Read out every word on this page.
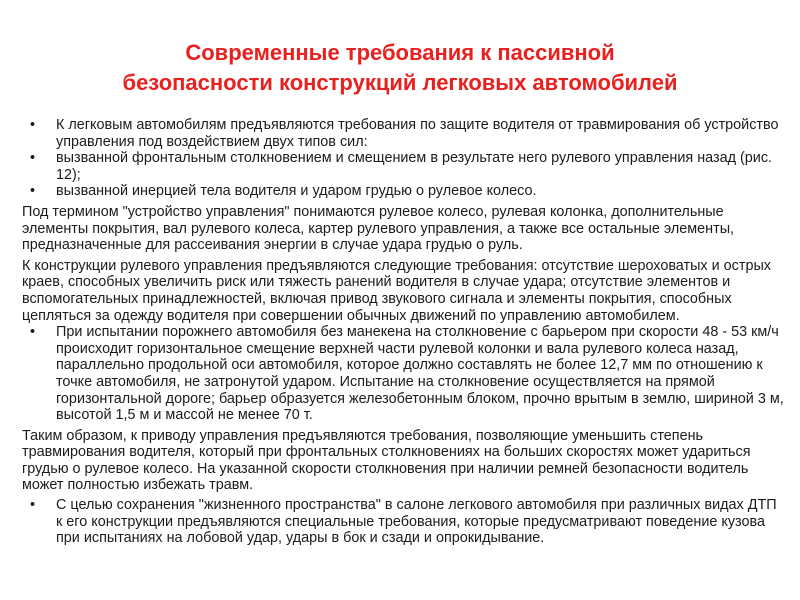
Современные требования к пассивной
безопасности конструкций легковых автомобилей
• К легковым автомобилям предъявляются требования по защите водителя от травмирования об устройство управления под воздействием двух типов сил:
• вызванной фронтальным столкновением и смещением в результате него рулевого управления назад (рис. 12);
• вызванной инерцией тела водителя и ударом грудью о рулевое колесо.
Под термином "устройство управления" понимаются рулевое колесо, рулевая колонка, дополнительные элементы покрытия, вал рулевого колеса, картер рулевого управления, а также все остальные элементы, предназначенные для рассеивания энергии в случае удара грудью о руль.
К конструкции рулевого управления предъявляются следующие требования: отсутствие шероховатых и острых краев, способных увеличить риск или тяжесть ранений водителя в случае удара; отсутствие элементов и вспомогательных принадлежностей, включая привод звукового сигнала и элементы покрытия, способных цепляться за одежду водителя при совершении обычных движений по управлению автомобилем.
• При испытании порожнего автомобиля без манекена на столкновение с барьером при скорости 48 - 53 км/ч происходит горизонтальное смещение верхней части рулевой колонки и вала рулевого колеса назад, параллельно продольной оси автомобиля, которое должно составлять не более 12,7 мм по отношению к точке автомобиля, не затронутой ударом. Испытание на столкновение осуществляется на прямой горизонтальной дороге; барьер образуется железобетонным блоком, прочно врытым в землю, шириной 3 м, высотой 1,5 м и массой не менее 70 т.
Таким образом, к приводу управления предъявляются требования, позволяющие уменьшить степень травмирования водителя, который при фронтальных столкновениях на больших скоростях может удариться грудью о рулевое колесо. На указанной скорости столкновения при наличии ремней безопасности водитель может полностью избежать травм.
• С целью сохранения "жизненного пространства" в салоне легкового автомобиля при различных видах ДТП к его конструкции предъявляются специальные требования, которые предусматривают поведение кузова при испытаниях на лобовой удар, удары в бок и сзади и опрокидывание.
